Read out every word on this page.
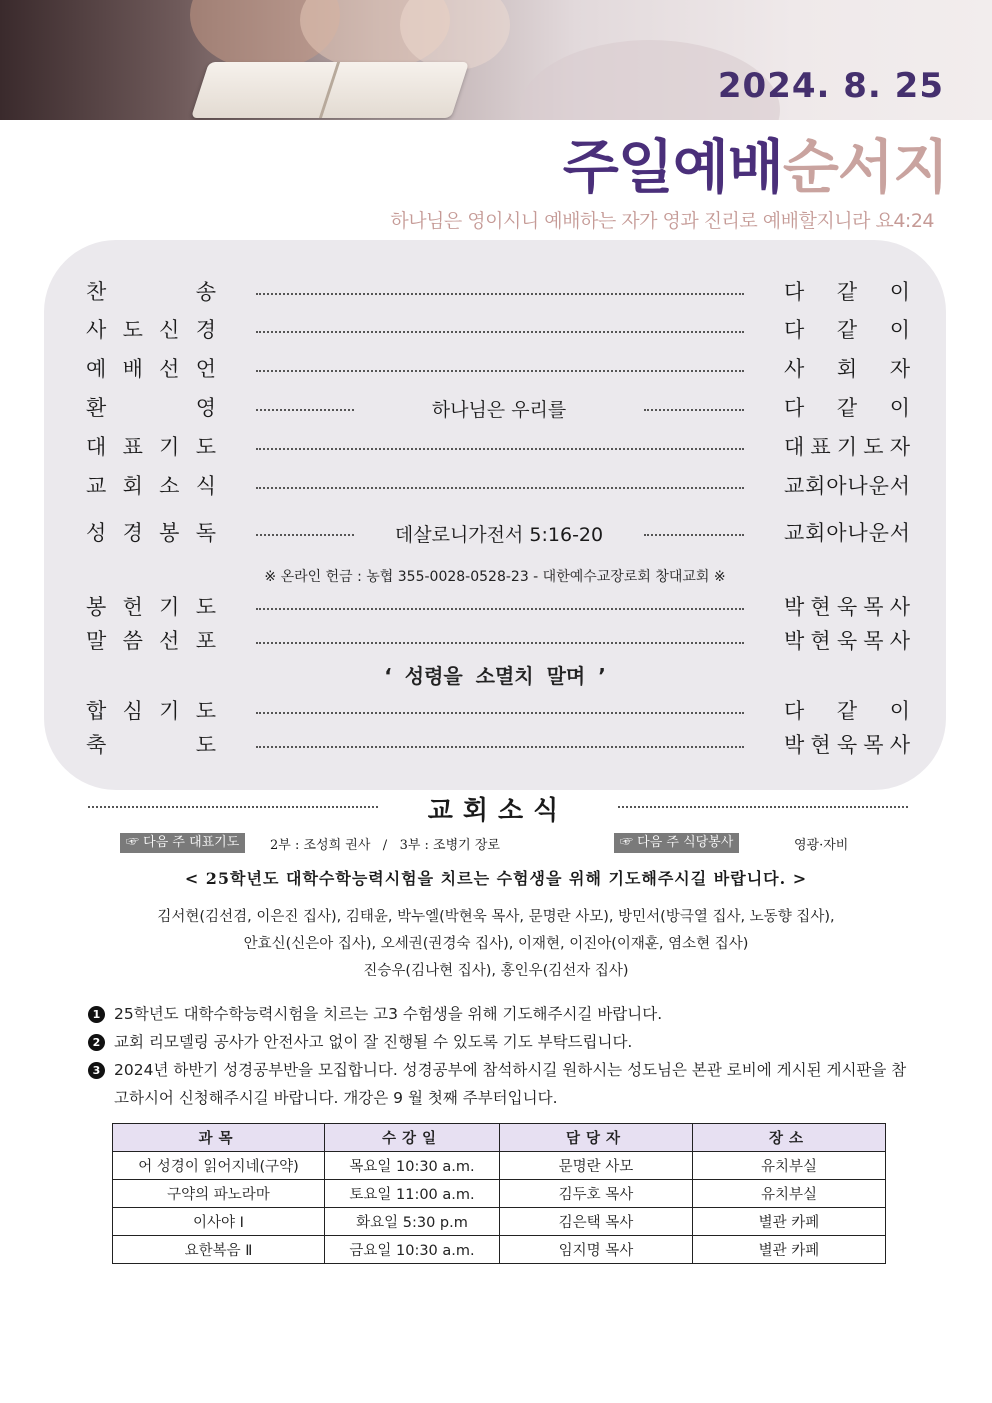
2024. 8. 25
주일예배순서지
하나님은 영이시니 예배하는 자가 영과 진리로 예배할지니라 요4:24
※ 온라인 헌금 : 농협 355-0028-0528-23 - 대한예수교장로회 창대교회 ※
‘ 성령을 소멸치 말며 ’
찬	송	다 같 이
사 도 신 경	다 같 이
예 배 선 언	사 회 자
환	영	하나님은 우리를	다 같 이
대 표 기 도	대 표 기 도 자
교 회 소 식	교 회 아 나 운 서
성 경 봉 독	데살로니가전서 5:16-20	교 회 아 나 운 서
봉 헌 기 도	박 현 욱 목 사
말 씀 선 포	박 현 욱 목 사
합 심 기 도	다 같 이
축	도	박 현 욱 목 사
교회소식
☞ 다음 주 대표기도	2부 : 조성희 권사   /   3부 : 조병기 장로	☞ 다음 주 식당봉사	영광·자비
< 25학년도 대학수학능력시험을 치르는 수험생을 위해 기도해주시길 바랍니다. >
김서현(김선겸, 이은진 집사), 김태윤, 박누엘(박현욱 목사, 문명란 사모), 방민서(방극열 집사, 노동향 집사),
안효신(신은아 집사), 오세권(권경숙 집사), 이재현, 이진아(이재훈, 염소현 집사)
진승우(김나현 집사), 홍인우(김선자 집사)
1 25학년도 대학수학능력시험을 치르는 고3 수험생을 위해 기도해주시길 바랍니다.
2 교회 리모델링 공사가 안전사고 없이 잘 진행될 수 있도록 기도 부탁드립니다.
3 2024년 하반기 성경공부반을 모집합니다. 성경공부에 참석하시길 원하시는 성도님은 본관 로비에 게시된 게시판을 참고하시어 신청해주시길 바랍니다. 개강은 9 월 첫째 주부터입니다.
과목	수강일	담당자	장소
어 성경이 읽어지네(구약)	목요일 10:30 a.m.	문명란 사모	유치부실
구약의 파노라마	토요일 11:00 a.m.	김두호 목사	유치부실
이사야 Ⅰ	화요일 5:30 p.m	김은택 목사	별관 카페
요한복음 Ⅱ	금요일 10:30 a.m.	임지명 목사	별관 카페
